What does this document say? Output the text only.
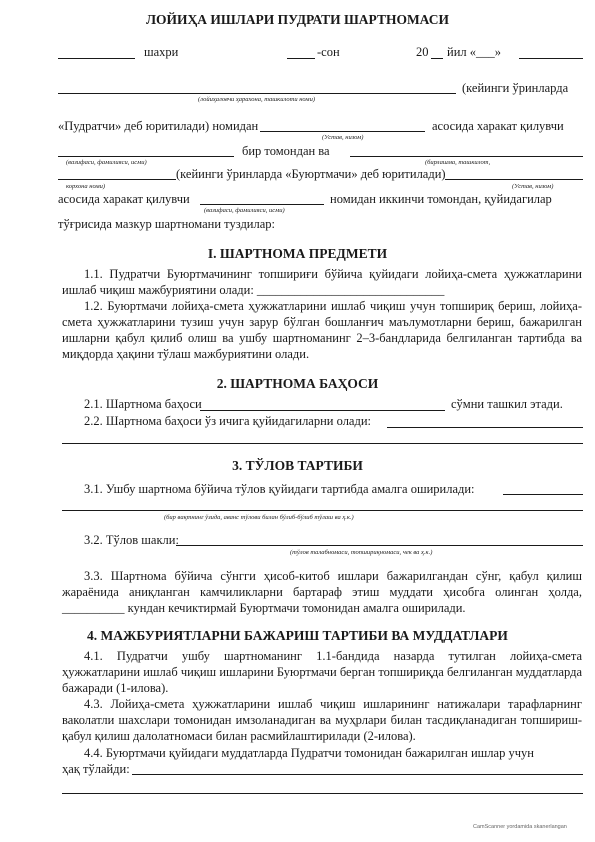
ЛОЙИҲА ИШЛАРИ ПУДРАТИ ШАРТНОМАСИ
шахри	-сон	20 йил «___»
(кейинги ўринларда
(лойиҳаловчи ҳарахона, ташкилоти номи)
«Пудратчи» деб юритилади) номидан	асосида харакат қилувчи
(Устав, низом)
бир томондан ва
(вазифаси, фамилияси, исми)	(бирлашма, ташкилот,
(кейинги ўринларда «Буюртмачи» деб юритилади)
корхона номи)	(Устав, низом)
асосида харакат қилувчи	номидан иккинчи томондан, қуйидагилар
(вазифаси, фамилияси, исми)
тўғрисида мазкур шартномани туздилар:
I. ШАРТНОМА ПРЕДМЕТИ
1.1. Пудратчи Буюртмачининг топшириғи бўйича қуйидаги лойиҳа-смета ҳужжатларини ишлаб чиқиш мажбуриятини олади: ______________________________
1.2. Буюртмачи лойиҳа-смета ҳужжатларини ишлаб чиқиш учун топшириқ бериш, лойиҳа-смета ҳужжатларини тузиш учун зарур бўлган бошланғич маълумотларни бериш, бажарилган ишларни қабул қилиб олиш ва ушбу шартноманинг 2–3-бандларида белгиланган тартибда ва миқдорда ҳақини тўлаш мажбуриятини олади.
2. ШАРТНОМА БАҲОСИ
2.1. Шартнома баҳоси	сўмни ташкил этади.
2.2. Шартнома баҳоси ўз ичига қуйидагиларни олади:
3. ТЎЛОВ ТАРТИБИ
3.1. Ушбу шартнома бўйича тўлов қуйидаги тартибда амалга оширилади:
(бир вақтнинг ўзида, аванс тўлови билан бўлиб-бўлиб тўлаш ва ҳ.к.)
3.2. Тўлов шакли:
(тўлов талабномаси, топшириқномаси, чек ва ҳ.к.)
3.3. Шартнома бўйича сўнгги ҳисоб-китоб ишлари бажарилгандан сўнг, қабул қилиш жараёнида аниқланган камчиликларни бартараф этиш муддати ҳисобга олинган ҳолда, __________ кундан кечиктирмай Буюртмачи томонидан амалга оширилади.
4. МАЖБУРИЯТЛАРНИ БАЖАРИШ ТАРТИБИ ВА МУДДАТЛАРИ
4.1. Пудратчи ушбу шартноманинг 1.1-бандида назарда тутилган лойиҳа-смета ҳужжатларини ишлаб чиқиш ишларини Буюртмачи берган топшириқда белгиланган муддатларда бажаради (1-илова).
4.3. Лойиҳа-смета ҳужжатларини ишлаб чиқиш ишларининг натижалари тарафларнинг ваколатли шахслари томонидан имзоланадиган ва муҳрлари билан тасдиқланадиган топшириш-қабул қилиш далолатномаси билан расмийлаштирилади (2-илова).
4.4. Буюртмачи қуйидаги муддатларда Пудратчи томонидан бажарилган ишлар учун
ҳақ тўлайди:
CamScanner yordamida skanerlangan
